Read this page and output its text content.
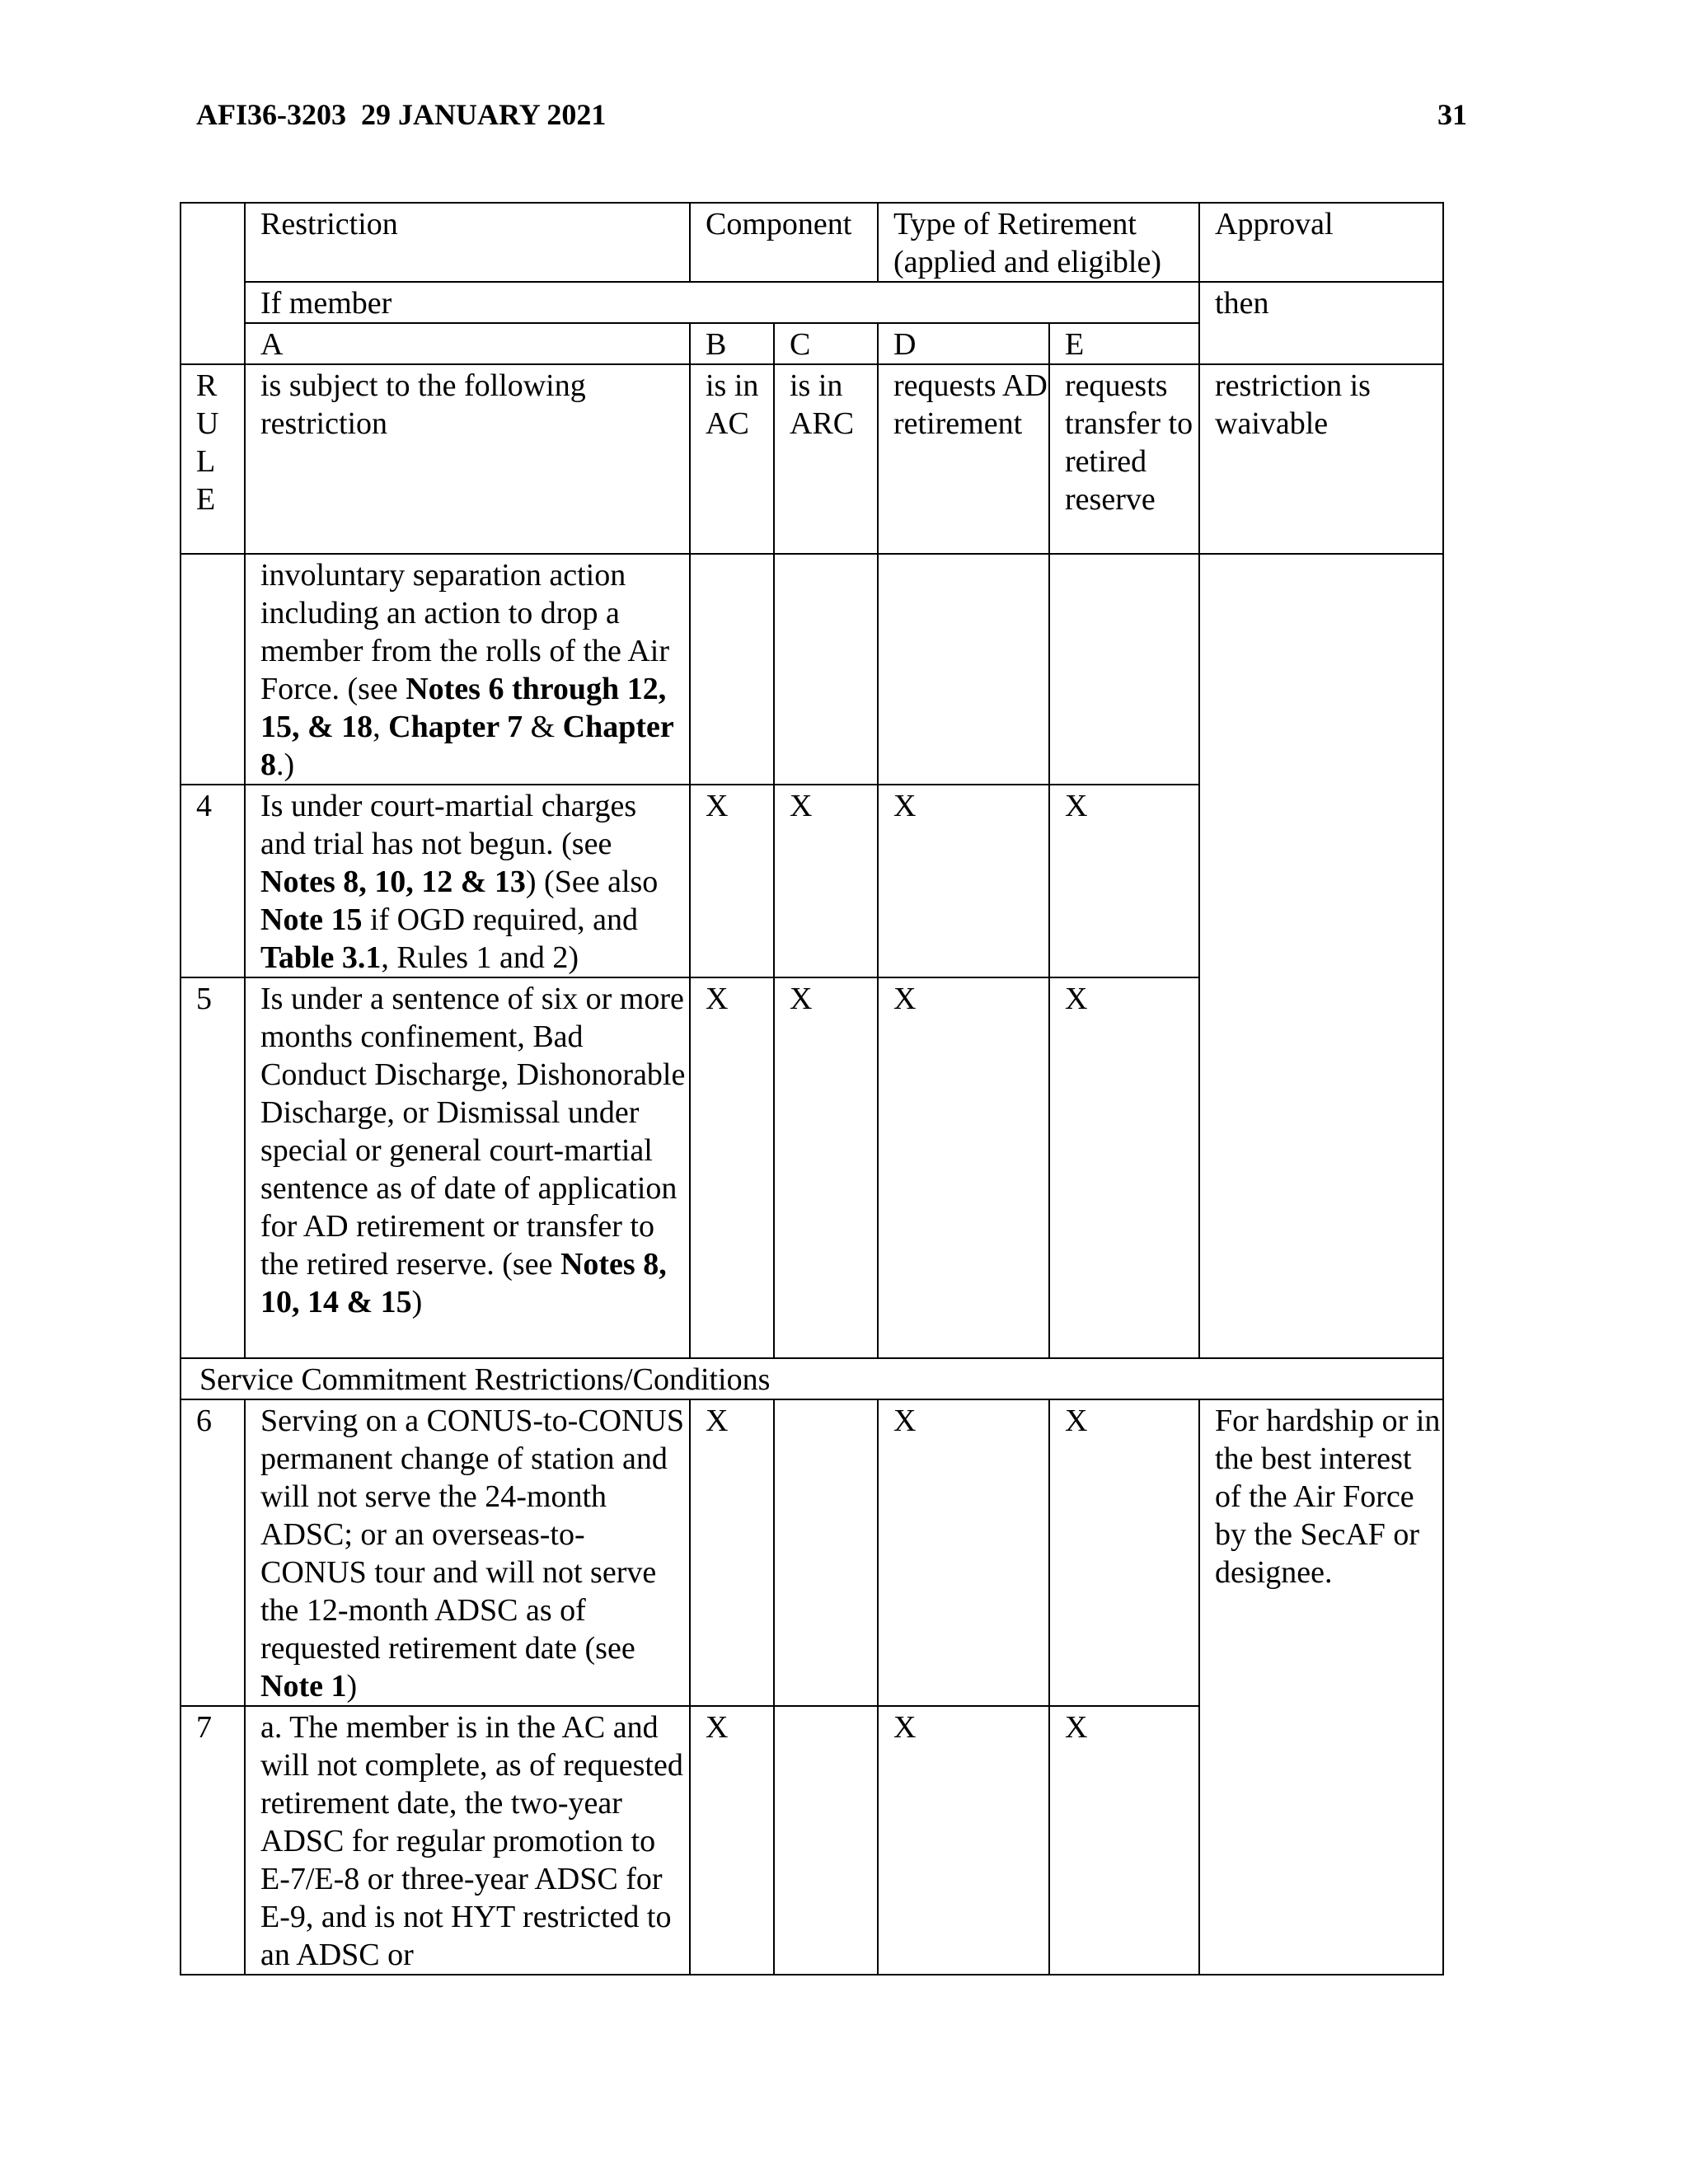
AFI36-3203  29 JANUARY 2021	31
	Restriction	Component		Type of Retirement (applied and eligible)		Approval
	If member					then
	A	B	C	D	E	

R
U
L
E	is subject to the following restriction	is in AC	is in ARC	requests AD retirement	requests transfer to retired reserve	restriction is waivable
	involuntary separation action including an action to drop a member from the rolls of the Air Force. (see Notes 6 through 12, 15, & 18, Chapter 7 & Chapter 8.)					
4	Is under court-martial charges and trial has not begun. (see Notes 8, 10, 12 & 13) (See also Note 15 if OGD required, and Table 3.1, Rules 1 and 2)	X	X	X	X	
5	Is under a sentence of six or more months confinement, Bad Conduct Discharge, Dishonorable Discharge, or Dismissal under special or general court-martial sentence as of date of application for AD retirement or transfer to the retired reserve. (see Notes 8, 10, 14 & 15)	X	X	X	X	
Service Commitment Restrictions/Conditions						
6	Serving on a CONUS-to-CONUS permanent change of station and will not serve the 24-month ADSC; or an overseas-to-CONUS tour and will not serve the 12-month ADSC as of requested retirement date (see Note 1)	X		X	X	For hardship or in the best interest of the Air Force by the SecAF or designee.
7	a. The member is in the AC and will not complete, as of requested retirement date, the two-year ADSC for regular promotion to E-7/E-8 or three-year ADSC for E-9, and is not HYT restricted to an ADSC or	X		X	X	
